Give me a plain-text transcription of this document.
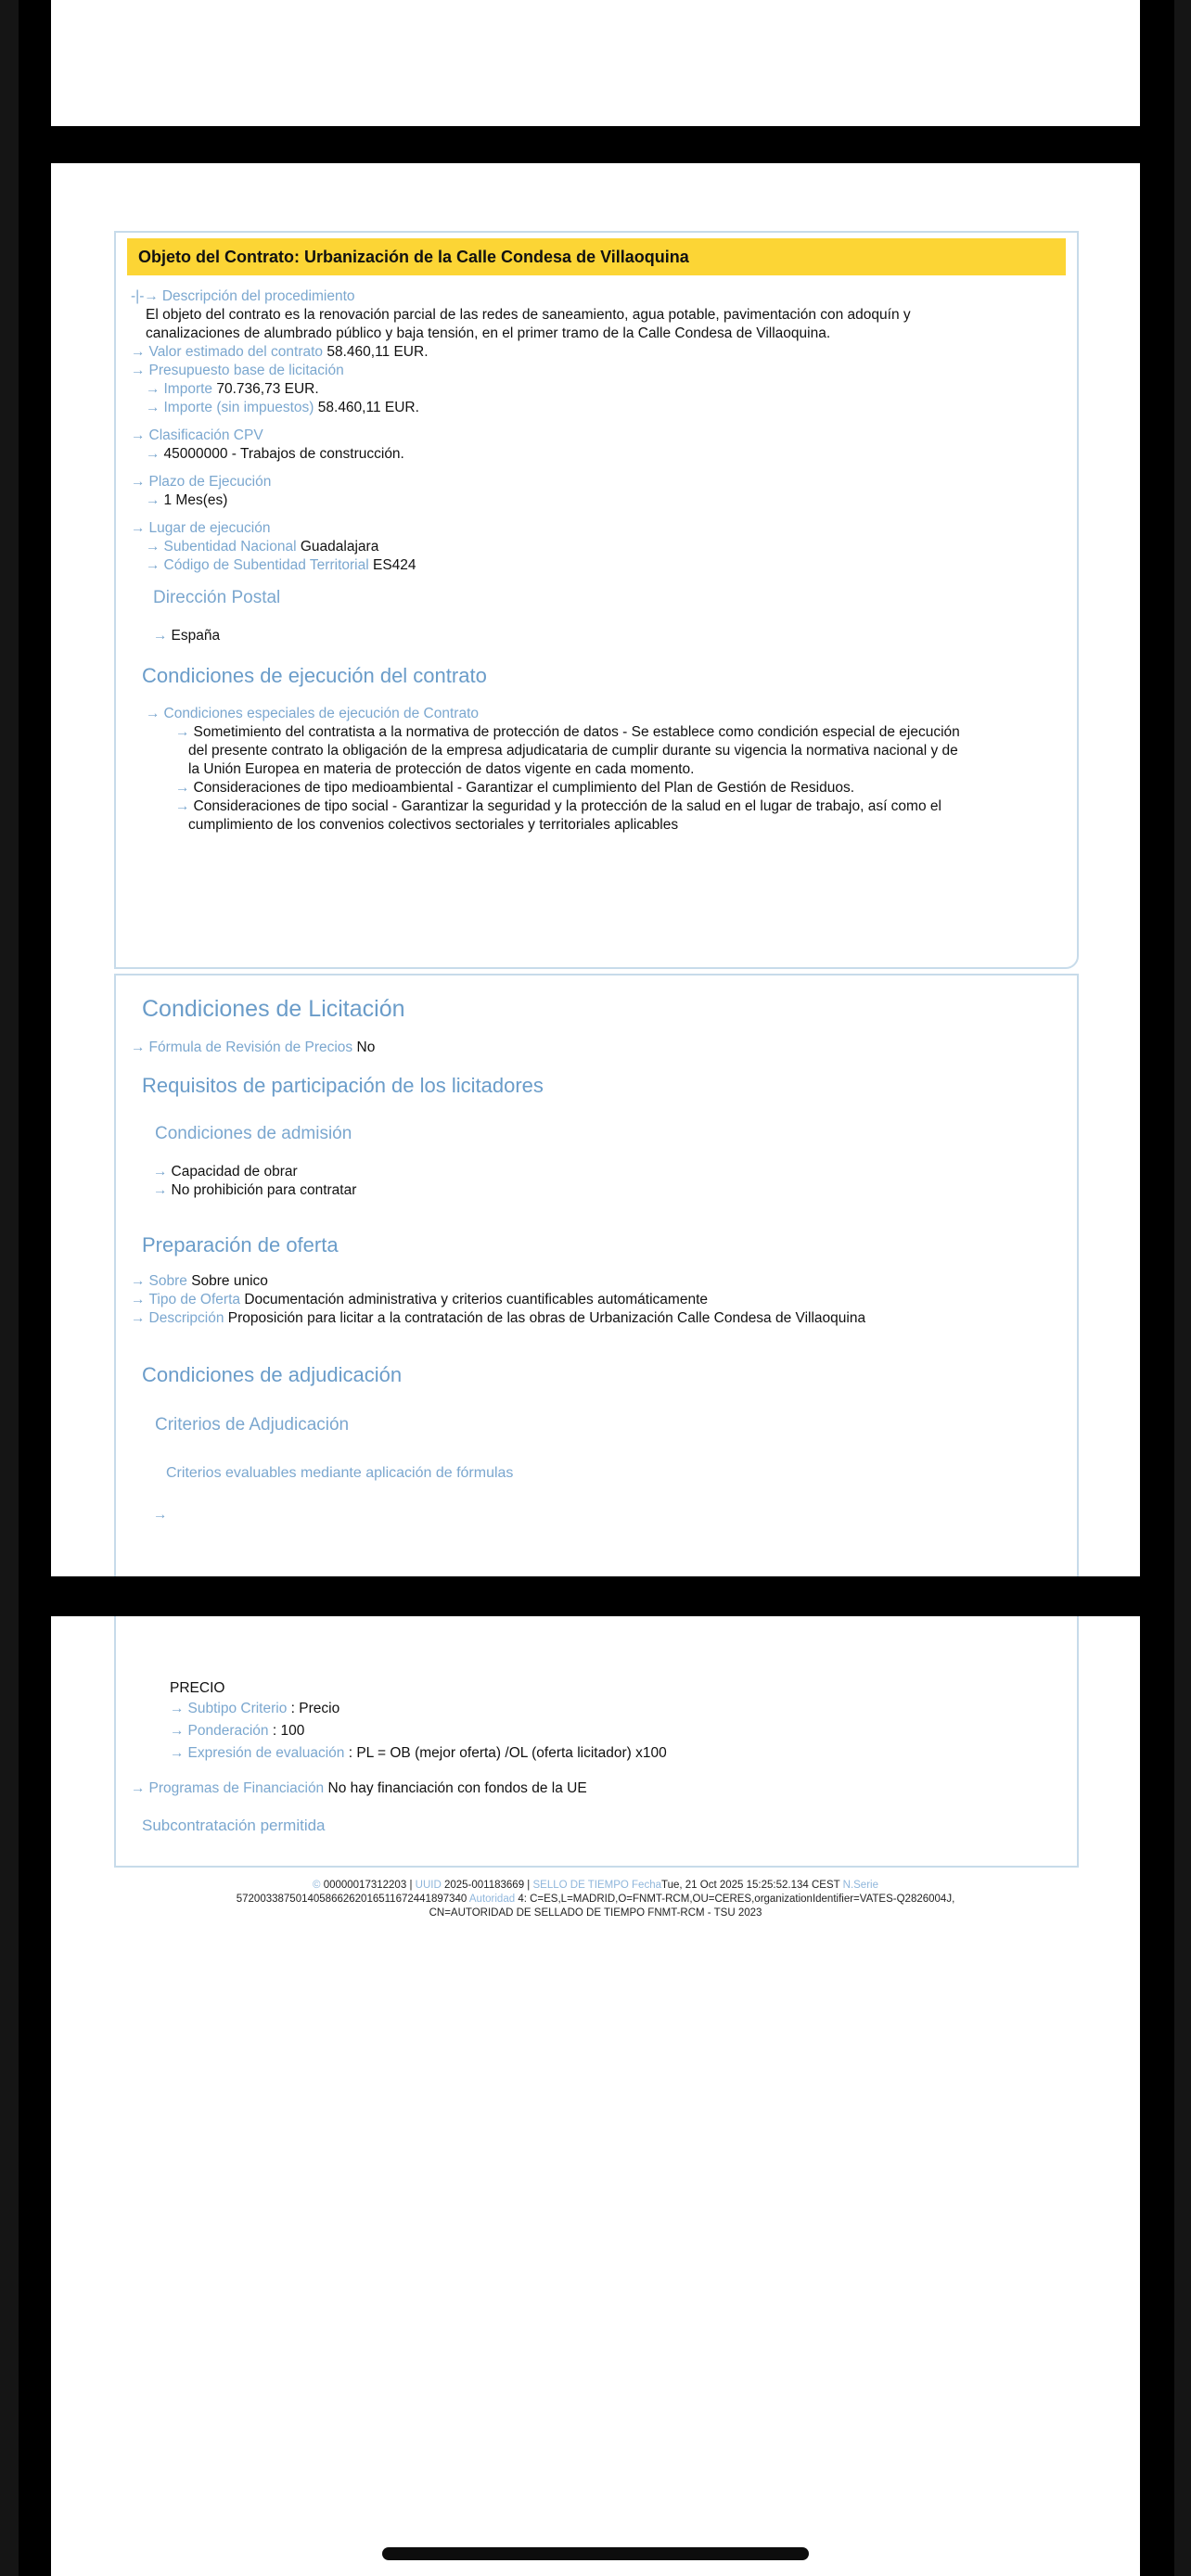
Objeto del Contrato: Urbanización de la Calle Condesa de Villaoquina
-|-→ Descripción del procedimiento
El objeto del contrato es la renovación parcial de las redes de saneamiento, agua potable, pavimentación con adoquín y
canalizaciones de alumbrado público y baja tensión, en el primer tramo de la Calle Condesa de Villaoquina.
→ Valor estimado del contrato 58.460,11 EUR.
→ Presupuesto base de licitación
→ Importe 70.736,73 EUR.
→ Importe (sin impuestos) 58.460,11 EUR.
→ Clasificación CPV
→ 45000000 - Trabajos de construcción.
→ Plazo de Ejecución
→ 1 Mes(es)
→ Lugar de ejecución
→ Subentidad Nacional Guadalajara
→ Código de Subentidad Territorial ES424
Dirección Postal
→ España
Condiciones de ejecución del contrato
→ Condiciones especiales de ejecución de Contrato
→ Sometimiento del contratista a la normativa de protección de datos - Se establece como condición especial de ejecución
del presente contrato la obligación de la empresa adjudicataria de cumplir durante su vigencia la normativa nacional y de
la Unión Europea en materia de protección de datos vigente en cada momento.
→ Consideraciones de tipo medioambiental - Garantizar el cumplimiento del Plan de Gestión de Residuos.
→ Consideraciones de tipo social - Garantizar la seguridad y la protección de la salud en el lugar de trabajo, así como el
cumplimiento de los convenios colectivos sectoriales y territoriales aplicables
Condiciones de Licitación
→ Fórmula de Revisión de Precios No
Requisitos de participación de los licitadores
Condiciones de admisión
→ Capacidad de obrar
→ No prohibición para contratar
Preparación de oferta
→ Sobre Sobre unico
→ Tipo de Oferta Documentación administrativa y criterios cuantificables automáticamente
→ Descripción Proposición para licitar a la contratación de las obras de Urbanización Calle Condesa de Villaoquina
Condiciones de adjudicación
Criterios de Adjudicación
Criterios evaluables mediante aplicación de fórmulas
→
PRECIO
→ Subtipo Criterio : Precio
→ Ponderación : 100
→ Expresión de evaluación : PL = OB (mejor oferta) /OL (oferta licitador) x100
→ Programas de Financiación No hay financiación con fondos de la UE
Subcontratación permitida
© 00000017312203 | UUID 2025-001183669 | SELLO DE TIEMPO FechaTue, 21 Oct 2025 15:25:52.134 CEST N.Serie
572003387501405866262016511672441897340 Autoridad 4: C=ES,L=MADRID,O=FNMT-RCM,OU=CERES,organizationIdentifier=VATES-Q2826004J,
CN=AUTORIDAD DE SELLADO DE TIEMPO FNMT-RCM - TSU 2023
